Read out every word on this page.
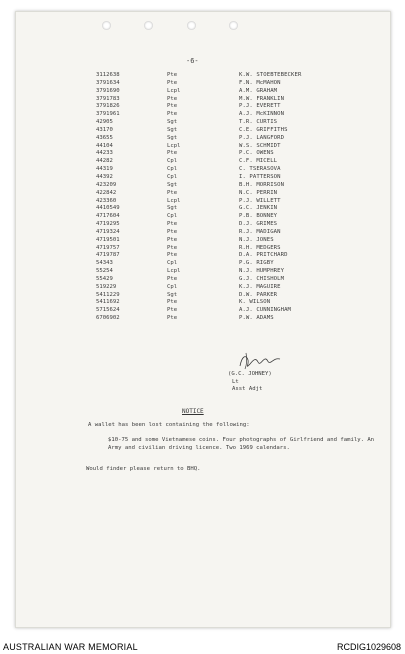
-6-
3112638	Pte	K.W. STOEBTEBECKER
3791634	Pte	F.N. McMAHON
3791690	Lcpl	A.M. GRAHAM
3791783	Pte	M.W. FRANKLIN
3791826	Pte	P.J. EVERETT
3791961	Pte	A.J. McKINNON
42905	Sgt	T.R. CURTIS
43170	Sgt	C.E. GRIFFITHS
43655	Sgt	P.J. LANGFORD
44104	Lcpl	W.S. SCHMIDT
44233	Pte	P.C. OWENS
44282	Cpl	C.F. MICELL
44319	Cpl	C. TSERASOVA
44392	Cpl	I. PATTERSON
423209	Sgt	B.H. MORRISON
422842	Pte	N.C. PERRIN
423360	Lcpl	P.J. WILLETT
4410549	Sgt	G.C. JENKIN
4717604	Cpl	P.B. BONNEY
4719295	Pte	D.J. GRIMES
4719324	Pte	R.J. MADIGAN
4719501	Pte	N.J. JONES
4719757	Pte	R.H. MEDGERS
4719787	Pte	D.A. PRITCHARD
54343	Cpl	P.G. RIGBY
55254	Lcpl	N.J. HUMPHREY
55429	Pte	G.J. CHISHOLM
519229	Cpl	K.J. MAGUIRE
5411229	Sgt	D.W. PARKER
5411692	Pte	K. WILSON
5715624	Pte	A.J. CUNNINGHAM
6706902	Pte	P.W. ADAMS
(G.C. JOHNEY)
Lt
Asst Adjt
NOTICE
A wallet has been lost containing the following:
$10-75 and some Vietnamese coins. Four photographs of Girlfriend and family. An Army and civilian driving licence. Two 1969 calendars.
Would finder please return to BHQ.
AUSTRALIAN WAR MEMORIAL	RCDIG1029608
